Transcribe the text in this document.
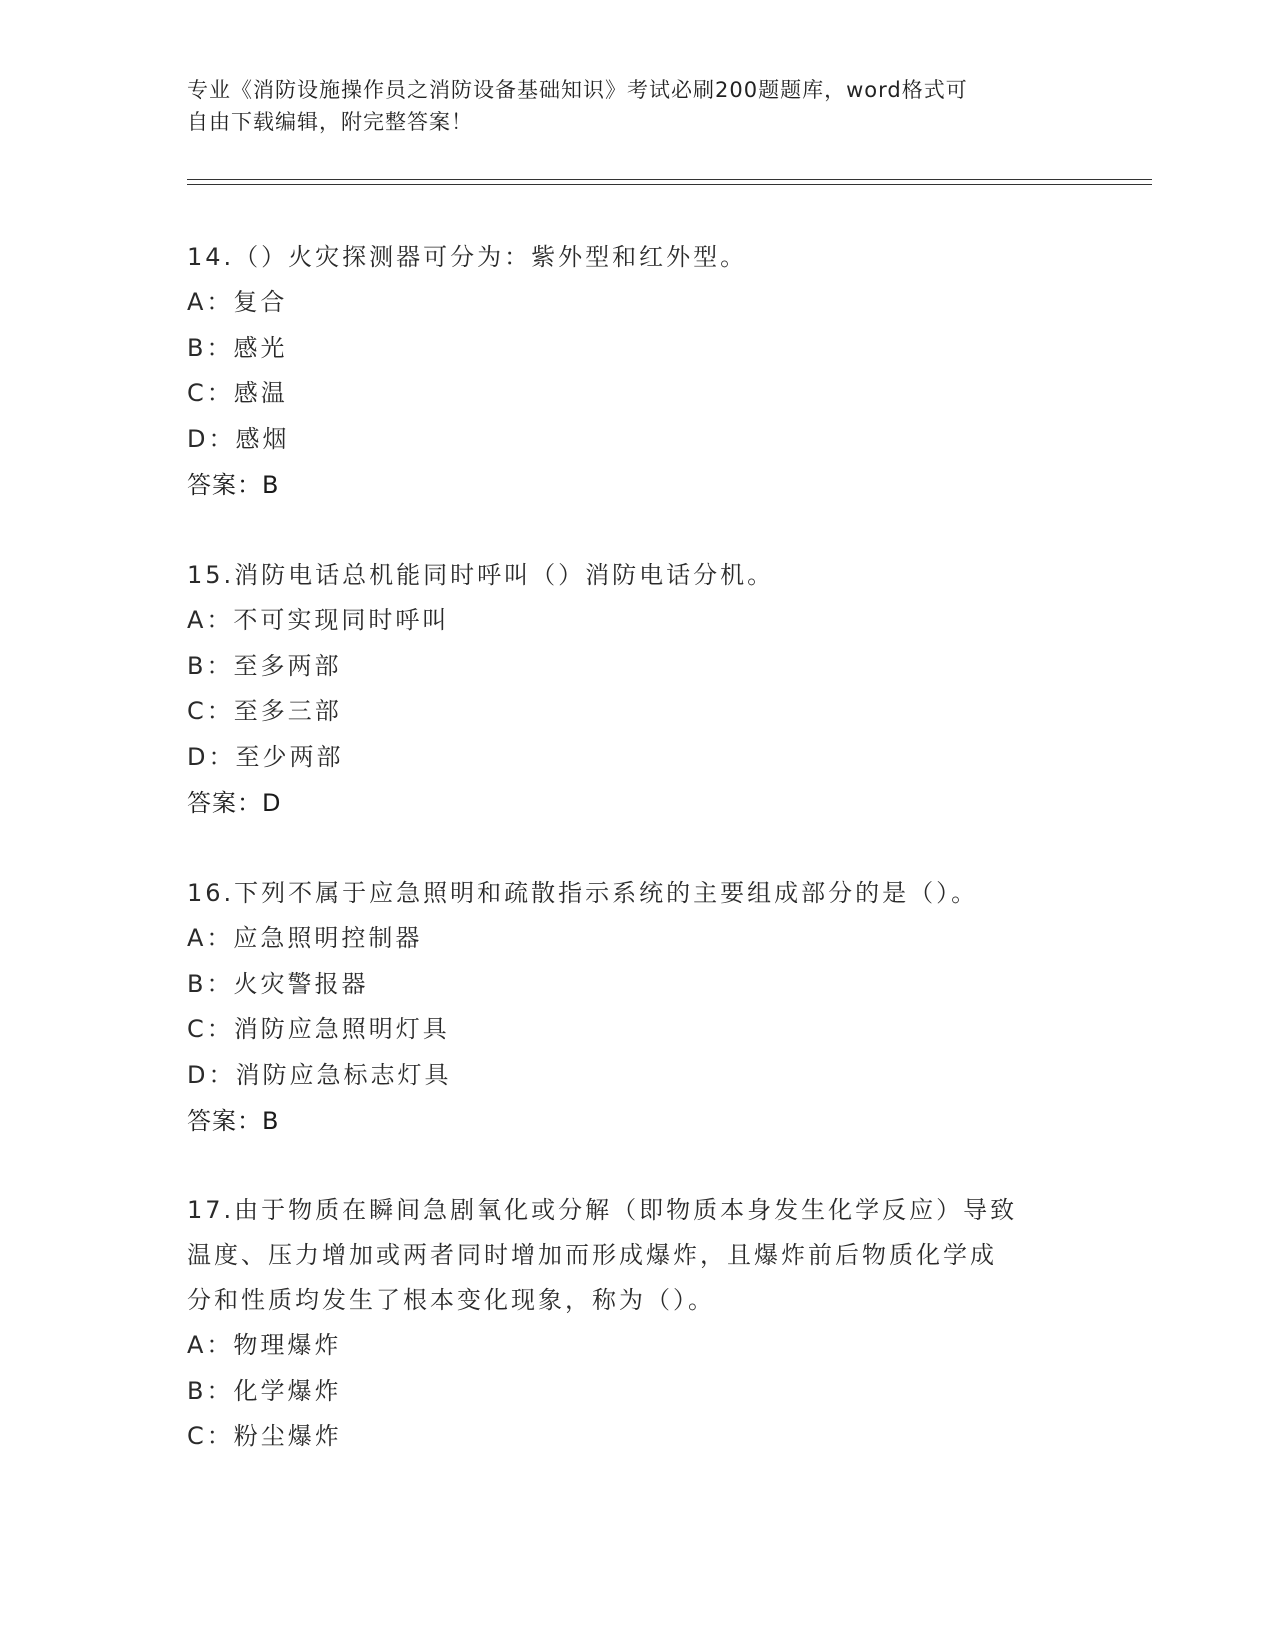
专业《消防设施操作员之消防设备基础知识》考试必刷200题题库，word格式可
自由下载编辑，附完整答案！
14.（）火灾探测器可分为：紫外型和红外型。
A：复合
B：感光
C：感温
D：感烟
答案：B
15.消防电话总机能同时呼叫（）消防电话分机。
A：不可实现同时呼叫
B：至多两部
C：至多三部
D：至少两部
答案：D
16.下列不属于应急照明和疏散指示系统的主要组成部分的是（）。
A：应急照明控制器
B：火灾警报器
C：消防应急照明灯具
D：消防应急标志灯具
答案：B
17.由于物质在瞬间急剧氧化或分解（即物质本身发生化学反应）导致
温度、压力增加或两者同时增加而形成爆炸，且爆炸前后物质化学成
分和性质均发生了根本变化现象，称为（）。
A：物理爆炸
B：化学爆炸
C：粉尘爆炸
